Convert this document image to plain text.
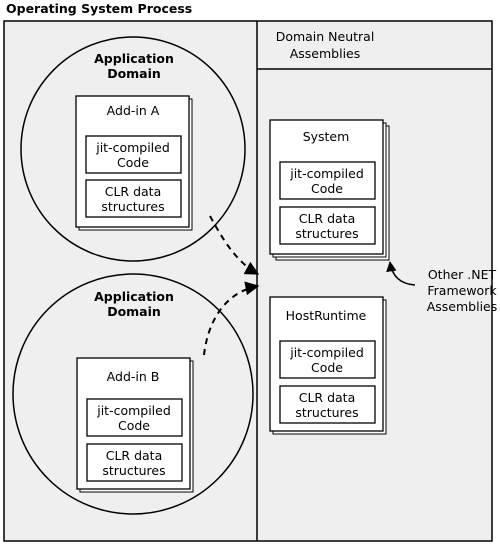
Operating System Process
Domain Neutral
Assemblies
Application
Domain
Add-in A
jit-compiled
Code
CLR data
structures
Application
Domain
Add-in B
jit-compiled
Code
CLR data
structures
System
jit-compiled
Code
CLR data
structures
HostRuntime
jit-compiled
Code
CLR data
structures
Other .NET
Framework
Assemblies
